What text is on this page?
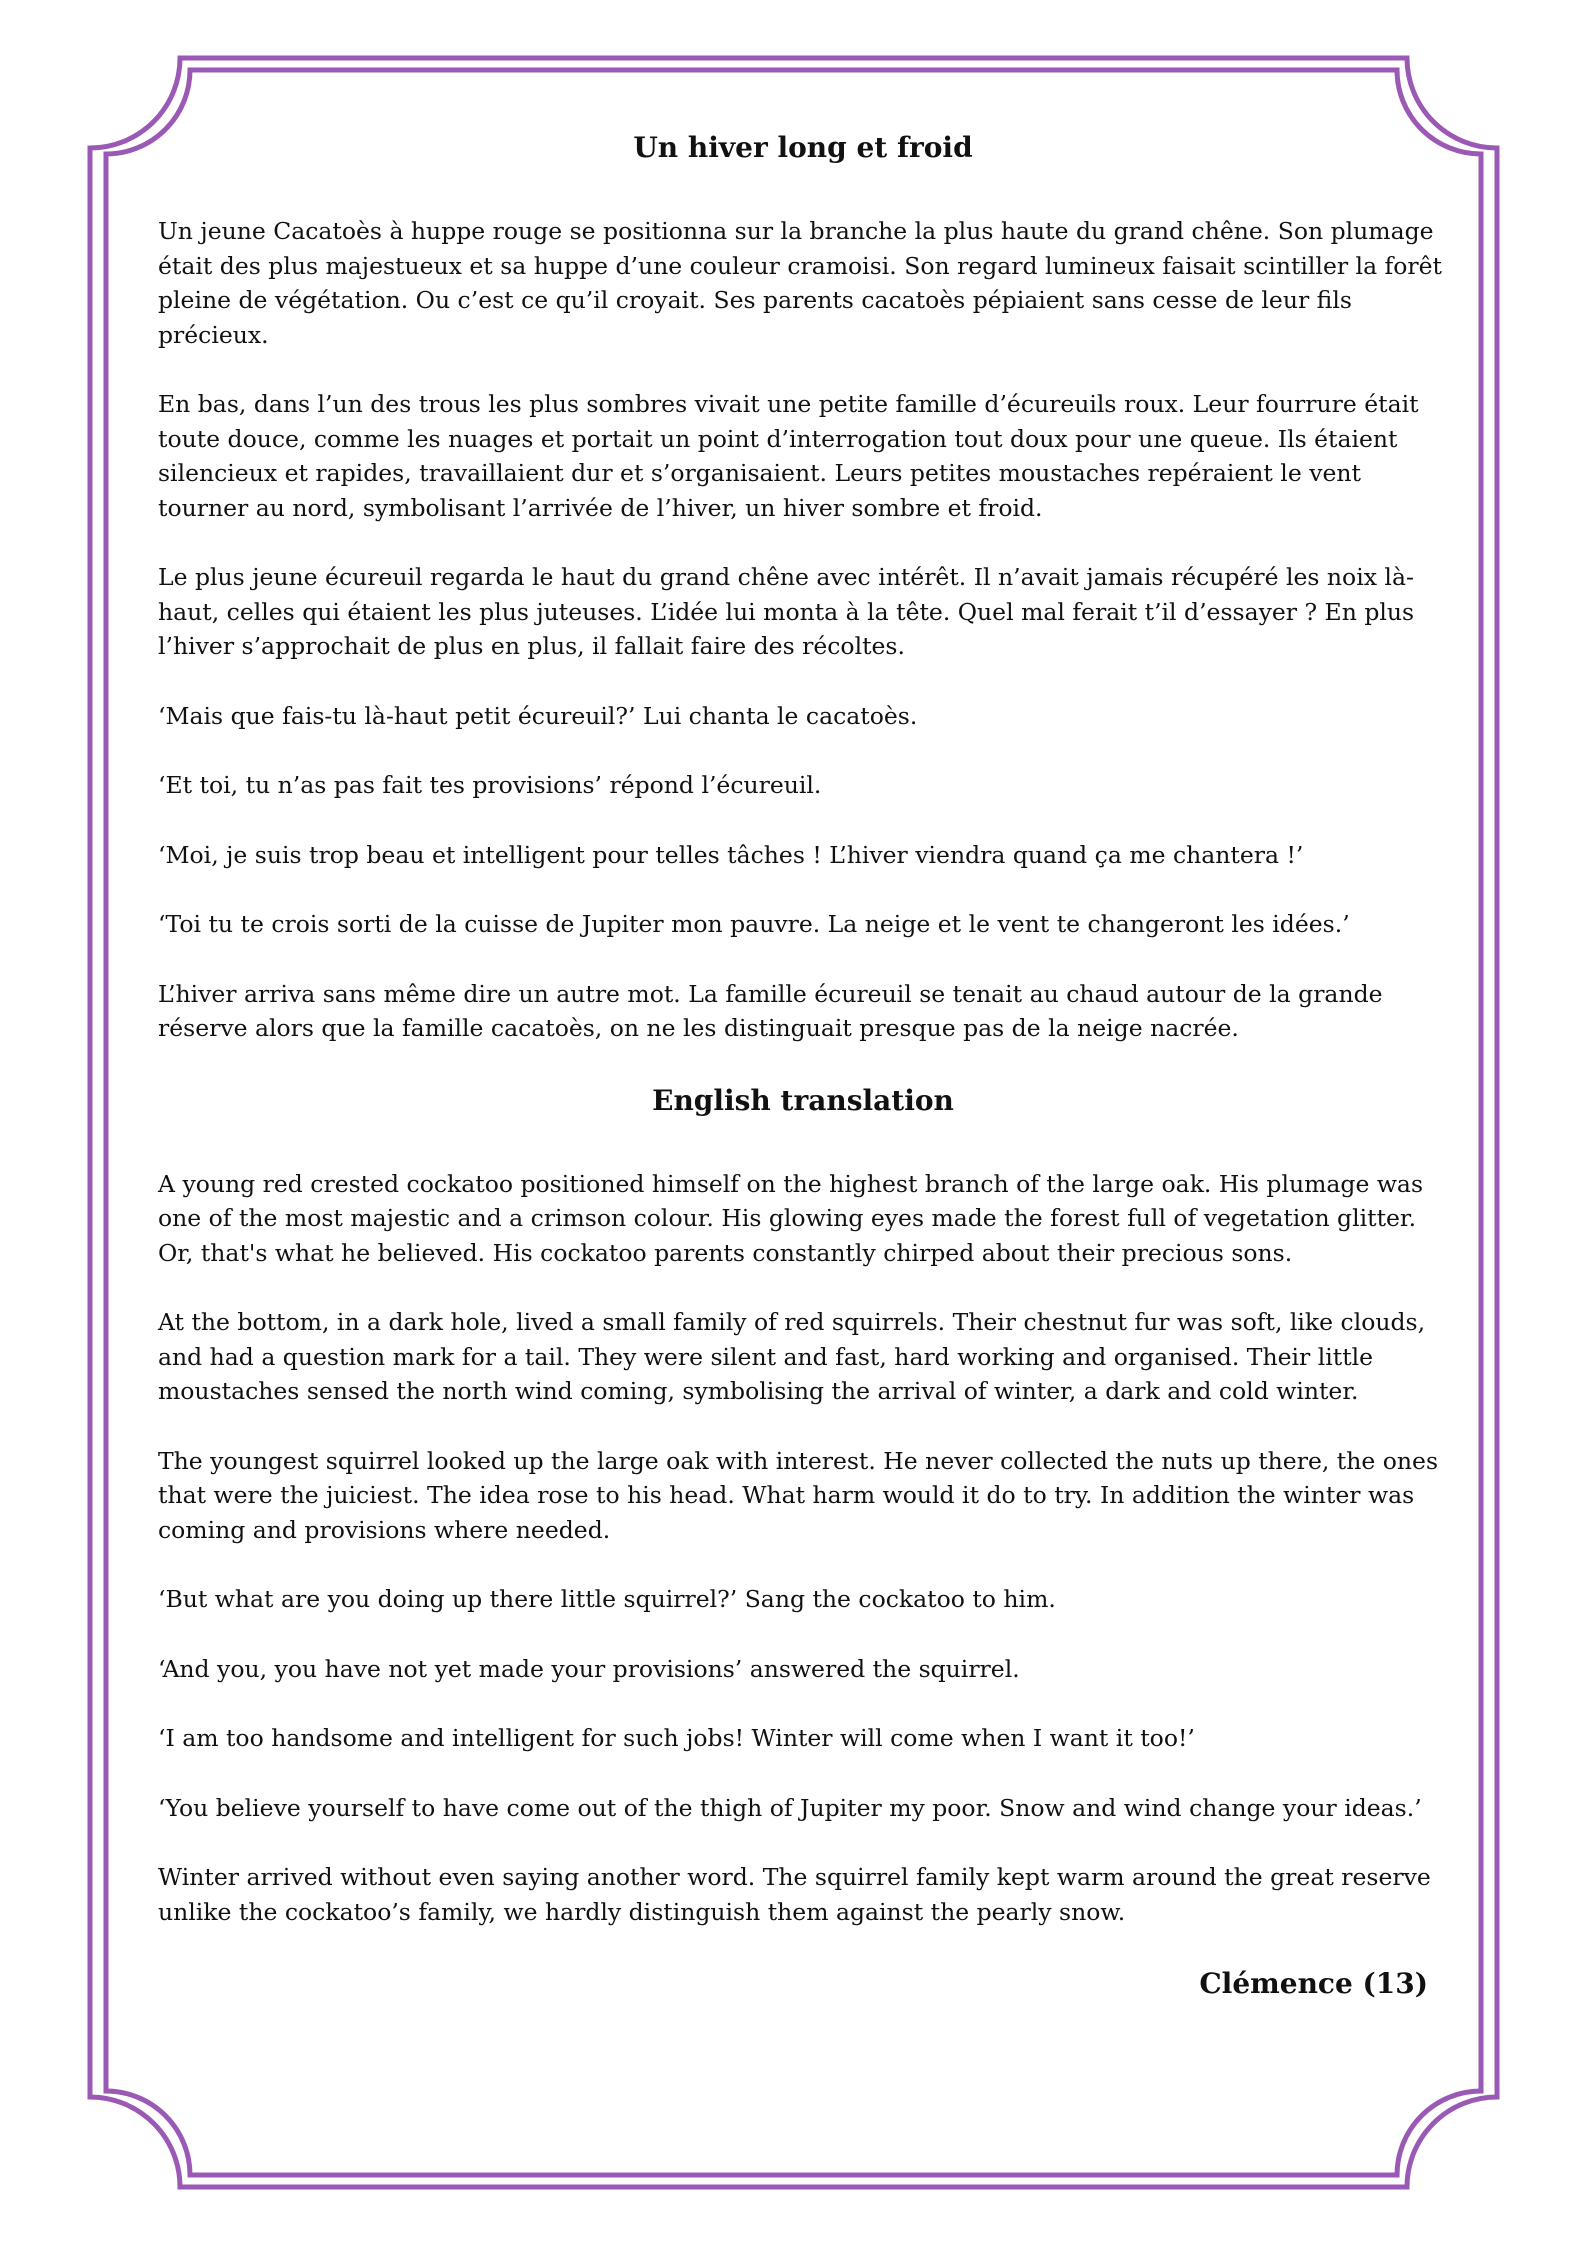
Un hiver long et froid

Un jeune Cacatoès à huppe rouge se positionna sur la branche la plus haute du grand chêne. Son plumage était des plus majestueux et sa huppe d’une couleur cramoisi. Son regard lumineux faisait scintiller la forêt pleine de végétation. Ou c’est ce qu’il croyait. Ses parents cacatoès pépiaient sans cesse de leur fils précieux.

En bas, dans l’un des trous les plus sombres vivait une petite famille d’écureuils roux. Leur fourrure était toute douce, comme les nuages et portait un point d’interrogation tout doux pour une queue. Ils étaient silencieux et rapides, travaillaient dur et s’organisaient. Leurs petites moustaches repéraient le vent tourner au nord, symbolisant l’arrivée de l’hiver, un hiver sombre et froid.

Le plus jeune écureuil regarda le haut du grand chêne avec intérêt. Il n’avait jamais récupéré les noix là-haut, celles qui étaient les plus juteuses. L’idée lui monta à la tête. Quel mal ferait t’il d’essayer ? En plus l’hiver s’approchait de plus en plus, il fallait faire des récoltes.

‘Mais que fais-tu là-haut petit écureuil?’ Lui chanta le cacatoès.

‘Et toi, tu n’as pas fait tes provisions’ répond l’écureuil.

‘Moi, je suis trop beau et intelligent pour telles tâches ! L’hiver viendra quand ça me chantera !’

‘Toi tu te crois sorti de la cuisse de Jupiter mon pauvre. La neige et le vent te changeront les idées.’

L’hiver arriva sans même dire un autre mot. La famille écureuil se tenait au chaud autour de la grande réserve alors que la famille cacatoès, on ne les distinguait presque pas de la neige nacrée.

English translation

A young red crested cockatoo positioned himself on the highest branch of the large oak. His plumage was one of the most majestic and a crimson colour. His glowing eyes made the forest full of vegetation glitter. Or, that's what he believed. His cockatoo parents constantly chirped about their precious sons.

At the bottom, in a dark hole, lived a small family of red squirrels. Their chestnut fur was soft, like clouds, and had a question mark for a tail. They were silent and fast, hard working and organised. Their little moustaches sensed the north wind coming, symbolising the arrival of winter, a dark and cold winter.

The youngest squirrel looked up the large oak with interest. He never collected the nuts up there, the ones that were the juiciest. The idea rose to his head. What harm would it do to try. In addition the winter was coming and provisions where needed.

‘But what are you doing up there little squirrel?’ Sang the cockatoo to him.

‘And you, you have not yet made your provisions’ answered the squirrel.

‘I am too handsome and intelligent for such jobs! Winter will come when I want it too!’

‘You believe yourself to have come out of the thigh of Jupiter my poor. Snow and wind change your ideas.’

Winter arrived without even saying another word. The squirrel family kept warm around the great reserve unlike the cockatoo’s family, we hardly distinguish them against the pearly snow.

Clémence (13)
